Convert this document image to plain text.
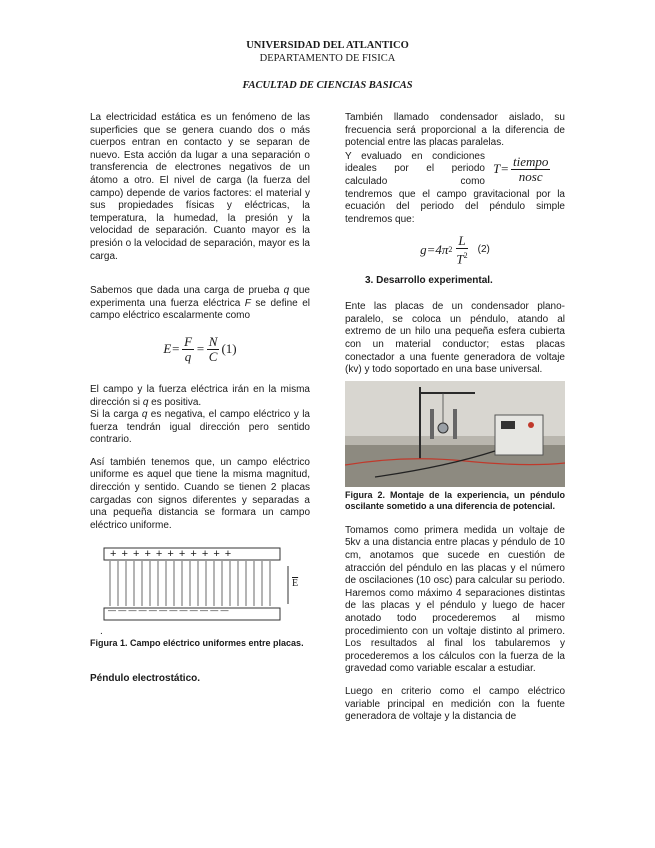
UNIVERSIDAD DEL ATLANTICO
DEPARTAMENTO DE FISICA
FACULTAD DE CIENCIAS BASICAS

La electricidad estática es un fenómeno de las superficies que se genera cuando dos o más cuerpos entran en contacto y se separan de nuevo. Esta acción da lugar a una separación o transferencia de electrones negativos de un átomo a otro. El nivel de carga (la fuerza del campo) depende de varios factores: el material y sus propiedades físicas y eléctricas, la temperatura, la humedad, la presión y la velocidad de separación. Cuanto mayor es la presión o la velocidad de separación, mayor es la carga.

Sabemos que dada una carga de prueba q que experimenta una fuerza eléctrica F se define el campo eléctrico escalarmente como

$E= \frac{F}{q} = \frac{N}{C} (1)$

El campo y la fuerza eléctrica irán en la misma dirección si q es positiva.

Si la carga q es negativa, el campo eléctrico y la fuerza tendrán igual dirección pero sentido contrario.

Así también tenemos que, un campo eléctrico uniforme es aquel que tiene la misma magnitud, dirección y sentido. Cuando se tienen 2 placas cargadas con signos diferentes y separadas a una pequeña distancia se formara un campo eléctrico uniforme.

+ + + + + + + + + + +
— — — — — — — — — — — —
$\overline{E}$
.

Figura 1. Campo eléctrico uniformes entre placas.

Péndulo electrostático.

También llamado condensador aislado, su frecuencia será proporcional a la diferencia de potencial entre las placas paralelas.

Y evaluado en condiciones ideales por el periodo calculado como

$T= \frac{\text{tiempo}}{\text{nosc}}$

tendremos que el campo gravitacional por la ecuación del periodo del péndulo simple tendremos que:

g=4 π $2 \frac{L}{T^2} (2)$

3. Desarrollo experimental.

Ente las placas de un condensador plano-paralelo, se coloca un péndulo, atando al extremo de un hilo una pequeña esfera cubierta con un material conductor; estas placas conectador a una fuente generadora de voltaje (kv) y todo soportado en una base universal.

Figura 2. Montaje de la experiencia, un péndulo oscilante sometido a una diferencia de potencial.

Tomamos como primera medida un voltaje de 5kv a una distancia entre placas y péndulo de 10 cm, anotamos que sucede en cuestión de atracción del péndulo en las placas y el número de oscilaciones (10 osc) para calcular su periodo. Haremos como máximo 4 separaciones distintas de las placas y el péndulo y luego de hacer anotado todo procederemos al mismo procedimiento con un voltaje distinto al primero. Los resultados al final los tabularemos y procederemos a los cálculos con la fuerza de la gravedad como variable escalar a estudiar.

Luego en criterio como el campo eléctrico variable principal en medición con la fuente generadora de voltaje y la distancia de
